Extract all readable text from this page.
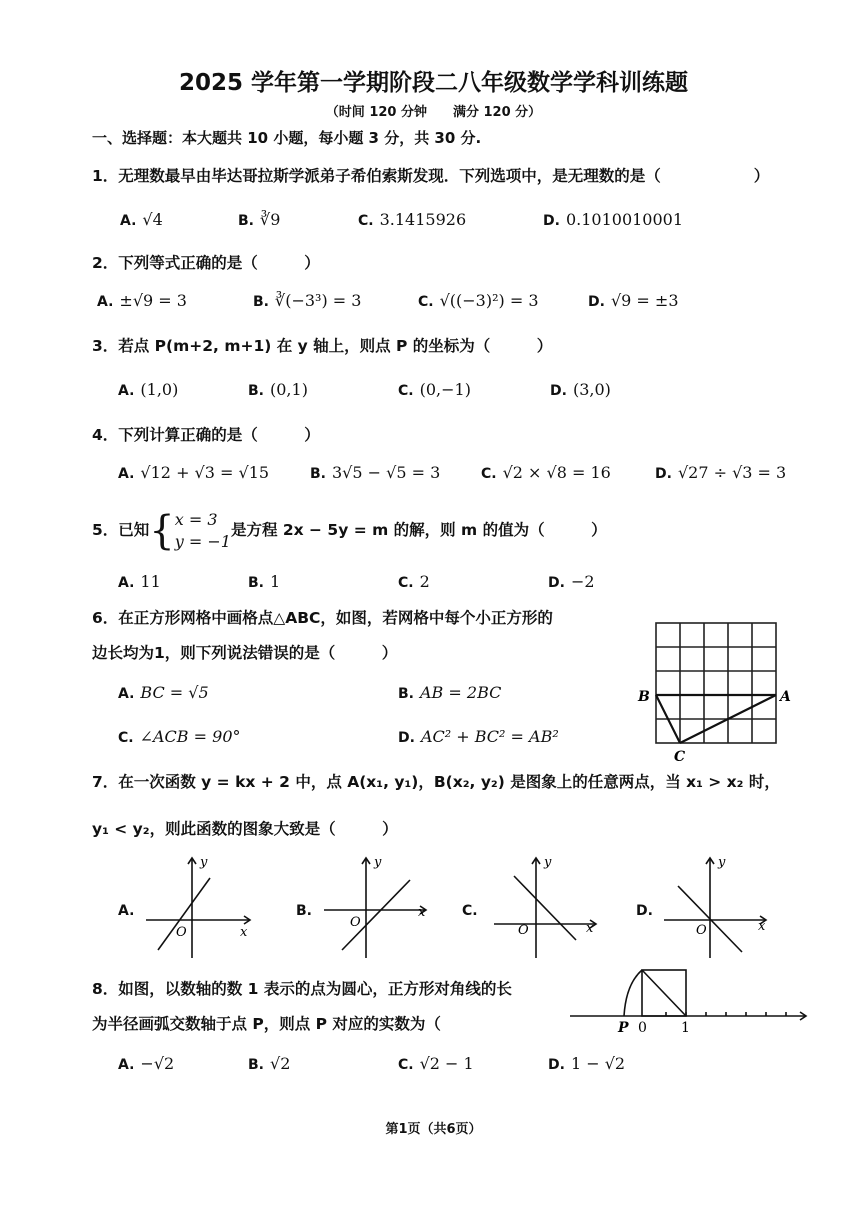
2025 学年第一学期阶段二八年级数学学科训练题
（时间 120 分钟　　满分 120 分）
一、选择题：本大题共 10 小题，每小题 3 分，共 30 分.
1．无理数最早由毕达哥拉斯学派弟子希伯索斯发现．下列选项中，是无理数的是（　　　　　　）
A. √4	B. ∛9	C. 3.1415926	D. 0.1010010001
2．下列等式正确的是（　　　）
A. ±√9 = 3	B. ∛(−3³) = 3	C. √((−3)²) = 3	D. √9 = ±3
3．若点 P(m+2, m+1) 在 y 轴上，则点 P 的坐标为（　　　）
A. (1,0)	B. (0,1)	C. (0,−1)	D. (3,0)
4．下列计算正确的是（　　　）
A. √12 + √3 = √15	B. 3√5 − √5 = 3	C. √2 × √8 = 16	D. √27 ÷ √3 = 3
5．已知{x = 3
y = −1是方程 2x − 5y = m 的解，则 m 的值为（　　　）
A. 11	B. 1	C. 2	D. −2
6．在正方形网格中画格点△ABC，如图，若网格中每个小正方形的
边长均为1，则下列说法错误的是（　　　）
A. BC = √5	B. AB = 2BC
C. ∠ACB = 90°	D. AC² + BC² = AB²
B	A
C
7．在一次函数 y = kx + 2 中，点 A(x₁, y₁)，B(x₂, y₂) 是图象上的任意两点，当 x₁ > x₂ 时，
y₁ < y₂，则此函数的图象大致是（　　　）
A.
y
x
O
B.
y
x
O
C.
y
x
O
D.
y
x
O
8．如图，以数轴的数 1 表示的点为圆心，正方形对角线的长
为半径画弧交数轴于点 P，则点 P 对应的实数为（	P 0 1
A. −√2	B. √2	C. √2 − 1	D. 1 − √2
第1页（共6页）
